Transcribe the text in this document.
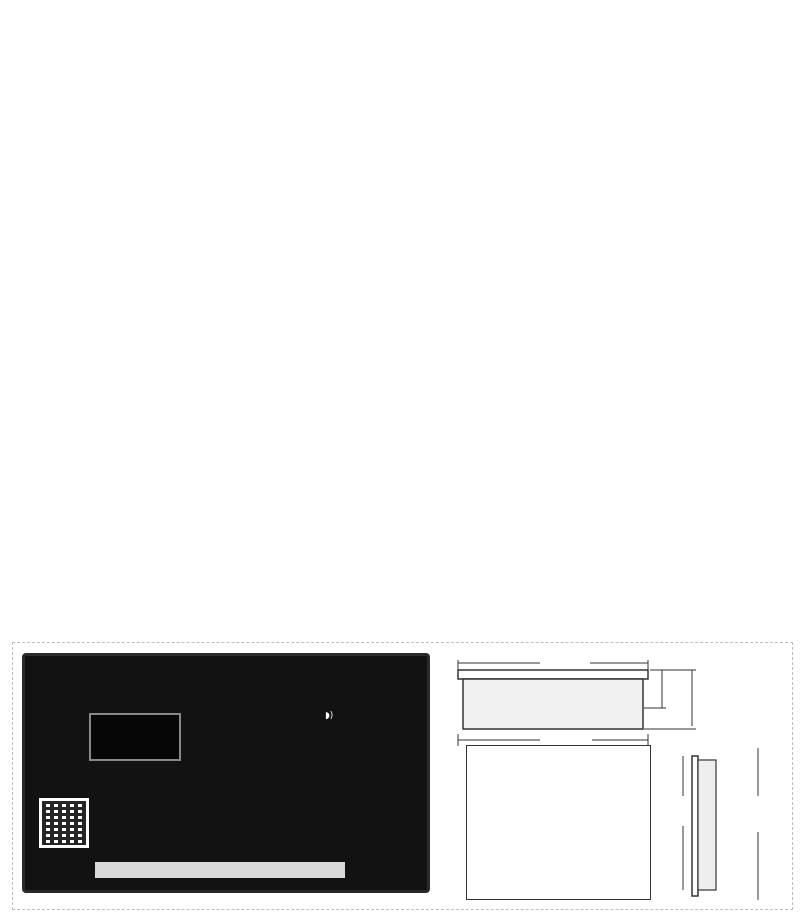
◗)
